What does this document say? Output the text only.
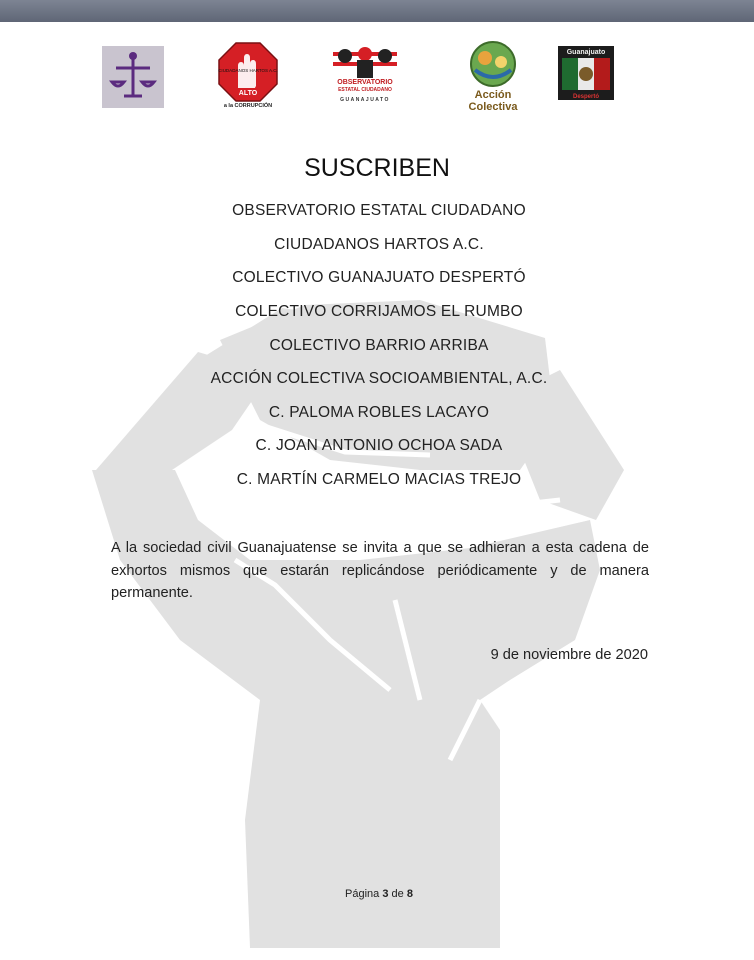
CIUDADANOS HARTOS A.C.
ALTO
a la CORRUPCIÓN
OBSERVATORIO
ESTATAL CIUDADANO
GUANAJUATO	Acción
Colectiva
Guanajuato
Despertó
SUSCRIBEN
OBSERVATORIO ESTATAL CIUDADANO
CIUDADANOS HARTOS A.C.
COLECTIVO GUANAJUATO DESPERTÓ
COLECTIVO CORRIJAMOS EL RUMBO
COLECTIVO BARRIO ARRIBA
ACCIÓN COLECTIVA SOCIOAMBIENTAL, A.C.
C. PALOMA ROBLES LACAYO
C. JOAN ANTONIO OCHOA SADA
C. MARTÍN CARMELO MACIAS TREJO
A la sociedad civil Guanajuatense se invita a que se adhieran a esta cadena de exhortos mismos que estarán replicándose periódicamente y de manera permanente.
9 de noviembre de 2020
Página 3 de 8
